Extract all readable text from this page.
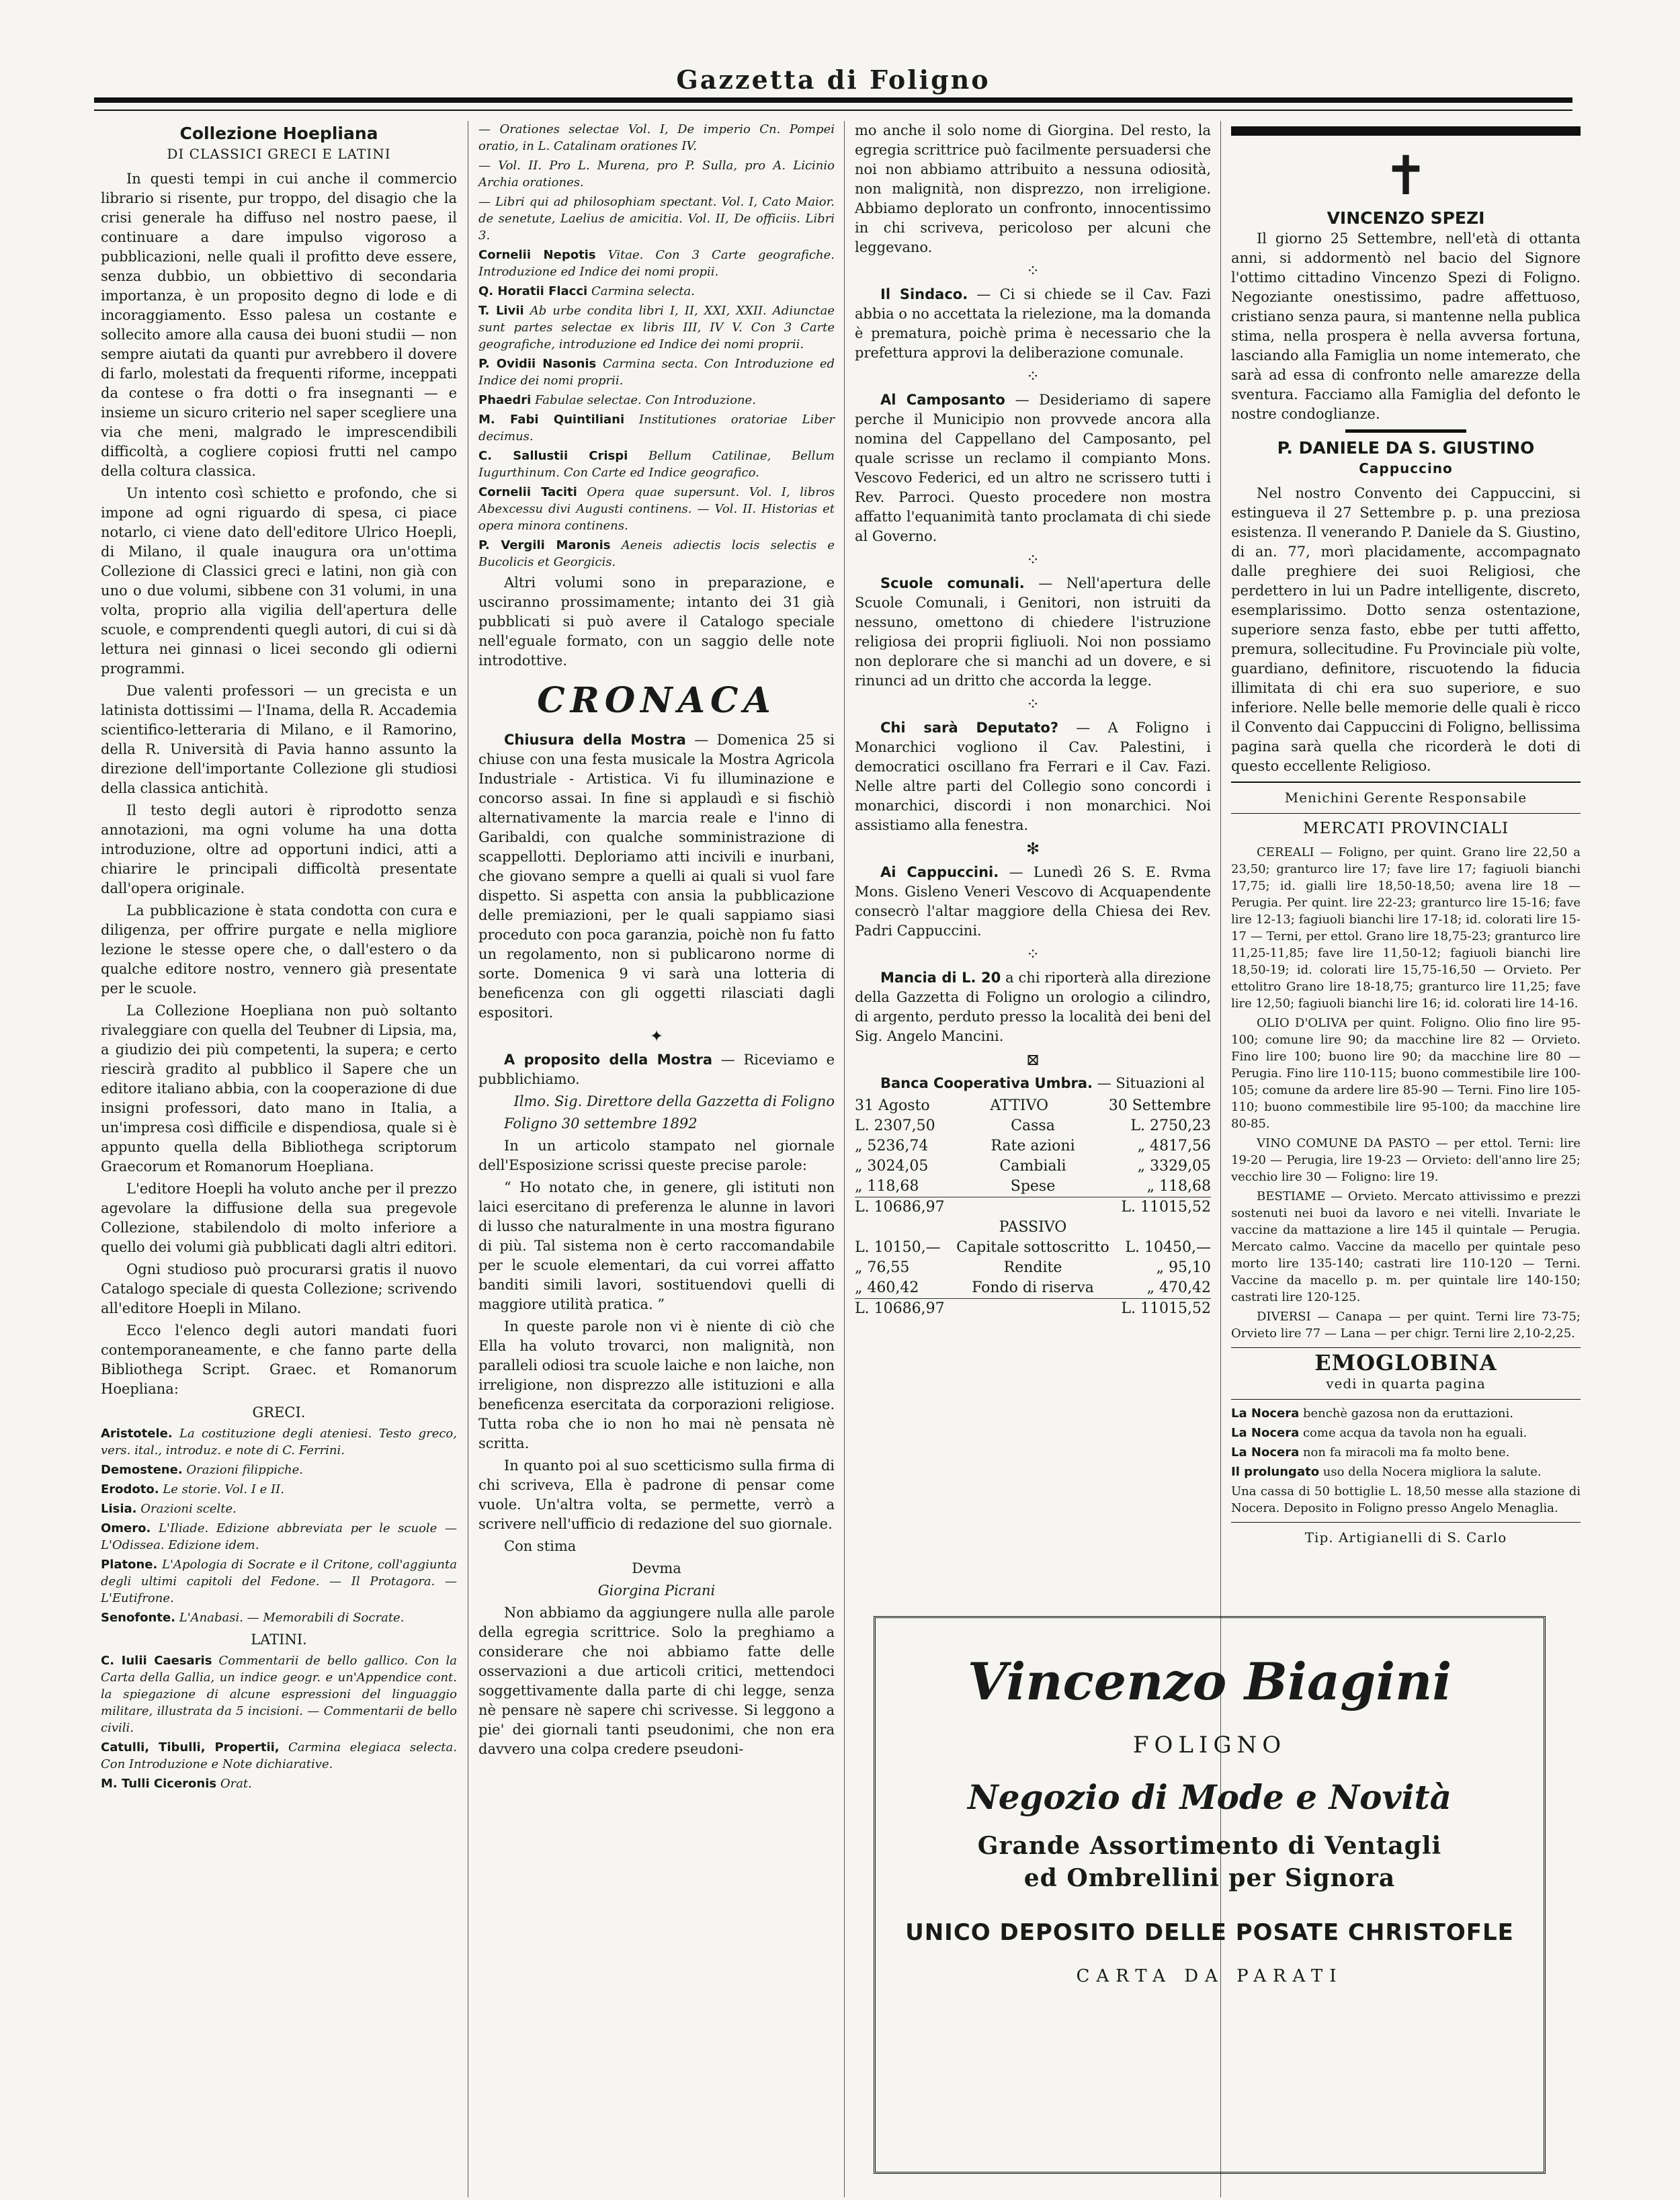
Gazzetta di Foligno
Collezione Hoepliana
DI CLASSICI GRECI E LATINI

In questi tempi in cui anche il commercio librario si risente, pur troppo, del disagio che la crisi generale ha diffuso nel nostro paese, il continuare a dare impulso vigoroso a pubblicazioni, nelle quali il profitto deve essere, senza dubbio, un obbiettivo di secondaria importanza, è un proposito degno di lode e di incoraggiamento. Esso palesa un costante e sollecito amore alla causa dei buoni studii — non sempre aiutati da quanti pur avrebbero il dovere di farlo, molestati da frequenti riforme, inceppati da contese o fra dotti o fra insegnanti — e insieme un sicuro criterio nel saper scegliere una via che meni, malgrado le imprescendibili difficoltà, a cogliere copiosi frutti nel campo della coltura classica.

Un intento così schietto e profondo, che si impone ad ogni riguardo di spesa, ci piace notarlo, ci viene dato dell'editore Ulrico Hoepli, di Milano, il quale inaugura ora un'ottima Collezione di Classici greci e latini, non già con uno o due volumi, sibbene con 31 volumi, in una volta, proprio alla vigilia dell'apertura delle scuole, e comprendenti quegli autori, di cui si dà lettura nei ginnasi o licei secondo gli odierni programmi.

Due valenti professori — un grecista e un latinista dottissimi — l'Inama, della R. Accademia scientifico-letteraria di Milano, e il Ramorino, della R. Università di Pavia hanno assunto la direzione dell'importante Collezione gli studiosi della classica antichità.

Il testo degli autori è riprodotto senza annotazioni, ma ogni volume ha una dotta introduzione, oltre ad opportuni indici, atti a chiarire le principali difficoltà presentate dall'opera originale.

La pubblicazione è stata condotta con cura e diligenza, per offrire purgate e nella migliore lezione le stesse opere che, o dall'estero o da qualche editore nostro, vennero già presentate per le scuole.

La Collezione Hoepliana non può soltanto rivaleggiare con quella del Teubner di Lipsia, ma, a giudizio dei più competenti, la supera; e certo riescirà gradito al pubblico il Sapere che un editore italiano abbia, con la cooperazione di due insigni professori, dato mano in Italia, a un'impresa così difficile e dispendiosa, quale si è appunto quella della Bibliothega scriptorum Graecorum et Romanorum Hoepliana.

L'editore Hoepli ha voluto anche per il prezzo agevolare la diffusione della sua pregevole Collezione, stabilendolo di molto inferiore a quello dei volumi già pubblicati dagli altri editori.

Ogni studioso può procurarsi gratis il nuovo Catalogo speciale di questa Collezione; scrivendo all'editore Hoepli in Milano.

Ecco l'elenco degli autori mandati fuori contemporaneamente, e che fanno parte della Bibliothega Script. Graec. et Romanorum Hoepliana:

GRECI.

Aristotele. La costituzione degli ateniesi. Testo greco, vers. ital., introduz. e note di C. Ferrini.

Demostene. Orazioni filippiche.

Erodoto. Le storie. Vol. I e II.

Lisia. Orazioni scelte.

Omero. L'Iliade. Edizione abbreviata per le scuole — L'Odissea. Edizione idem.

Platone. L'Apologia di Socrate e il Critone, coll'aggiunta degli ultimi capitoli del Fedone. — Il Protagora. — L'Eutifrone.

Senofonte. L'Anabasi. — Memorabili di Socrate.

LATINI.

C. Iulii Caesaris Commentarii de bello gallico. Con la Carta della Gallia, un indice geogr. e un'Appendice cont. la spiegazione di alcune espressioni del linguaggio militare, illustrata da 5 incisioni. — Commentarii de bello civili.

Catulli, Tibulli, Propertii, Carmina elegiaca selecta. Con Introduzione e Note dichiarative.

M. Tulli Ciceronis Orat.

— Orationes selectae Vol. I, De imperio Cn. Pompei oratio, in L. Catalinam orationes IV.

— Vol. II. Pro L. Murena, pro P. Sulla, pro A. Licinio Archia orationes.

— Libri qui ad philosophiam spectant. Vol. I, Cato Maior. de senetute, Laelius de amicitia. Vol. II, De officiis. Libri 3.

Cornelii Nepotis Vitae. Con 3 Carte geografiche. Introduzione ed Indice dei nomi propii.

Q. Horatii Flacci Carmina selecta.

T. Livii Ab urbe condita libri I, II, XXI, XXII. Adiunctae sunt partes selectae ex libris III, IV V. Con 3 Carte geografiche, introduzione ed Indice dei nomi proprii.

P. Ovidii Nasonis Carmina secta. Con Introduzione ed Indice dei nomi proprii.

Phaedri Fabulae selectae. Con Introduzione.

M. Fabi Quintiliani Institutiones oratoriae Liber decimus.

C. Sallustii Crispi Bellum Catilinae, Bellum Iugurthinum. Con Carte ed Indice geografico.

Cornelii Taciti Opera quae supersunt. Vol. I, libros Abexcessu divi Augusti continens. — Vol. II. Historias et opera minora continens.

P. Vergili Maronis Aeneis adiectis locis selectis e Bucolicis et Georgicis.

Altri volumi sono in preparazione, e usciranno prossimamente; intanto dei 31 già pubblicati si può avere il Catalogo speciale nell'eguale formato, con un saggio delle note introdottive.

CRONACA

Chiusura della Mostra — Domenica 25 si chiuse con una festa musicale la Mostra Agricola Industriale - Artistica. Vi fu illuminazione e concorso assai. In fine si applaudì e si fischiò alternativamente la marcia reale e l'inno di Garibaldi, con qualche somministrazione di scappellotti. Deploriamo atti incivili e inurbani, che giovano sempre a quelli ai quali si vuol fare dispetto. Si aspetta con ansia la pubblicazione delle premiazioni, per le quali sappiamo siasi proceduto con poca garanzia, poichè non fu fatto un regolamento, non si publicarono norme di sorte. Domenica 9 vi sarà una lotteria di beneficenza con gli oggetti rilasciati dagli espositori.

✦

A proposito della Mostra — Riceviamo e pubblichiamo.

Ilmo. Sig. Direttore della Gazzetta di Foligno

Foligno 30 settembre 1892

In un articolo stampato nel giornale dell'Esposizione scrissi queste precise parole:

“ Ho notato che, in genere, gli istituti non laici esercitano di preferenza le alunne in lavori di lusso che naturalmente in una mostra figurano di più. Tal sistema non è certo raccomandabile per le scuole elementari, da cui vorrei affatto banditi simili lavori, sostituendovi quelli di maggiore utilità pratica. ”

In queste parole non vi è niente di ciò che Ella ha voluto trovarci, non malignità, non paralleli odiosi tra scuole laiche e non laiche, non irreligione, non disprezzo alle istituzioni e alla beneficenza esercitata da corporazioni religiose. Tutta roba che io non ho mai nè pensata nè scritta.

In quanto poi al suo scetticismo sulla firma di chi scriveva, Ella è padrone di pensar come vuole. Un'altra volta, se permette, verrò a scrivere nell'ufficio di redazione del suo giornale.

Con stima

Devma

Giorgina Picrani

Non abbiamo da aggiungere nulla alle parole della egregia scrittrice. Solo la preghiamo a considerare che noi abbiamo fatte delle osservazioni a due articoli critici, mettendoci soggettivamente dalla parte di chi legge, senza nè pensare nè sapere chi scrivesse. Si leggono a pie' dei giornali tanti pseudonimi, che non era davvero una colpa credere pseudoni-

mo anche il solo nome di Giorgina. Del resto, la egregia scrittrice può facilmente persuadersi che noi non abbiamo attribuito a nessuna odiosità, non malignità, non disprezzo, non irreligione. Abbiamo deplorato un confronto, innocentissimo in chi scriveva, pericoloso per alcuni che leggevano.

⁘

Il Sindaco. — Ci si chiede se il Cav. Fazi abbia o no accettata la rielezione, ma la domanda è prematura, poichè prima è necessario che la prefettura approvi la deliberazione comunale.

⁘

Al Camposanto — Desideriamo di sapere perche il Municipio non provvede ancora alla nomina del Cappellano del Camposanto, pel quale scrisse un reclamo il compianto Mons. Vescovo Federici, ed un altro ne scrissero tutti i Rev. Parroci. Questo procedere non mostra affatto l'equanimità tanto proclamata di chi siede al Governo.

⁘

Scuole comunali. — Nell'apertura delle Scuole Comunali, i Genitori, non istruiti da nessuno, omettono di chiedere l'istruzione religiosa dei proprii figliuoli. Noi non possiamo non deplorare che si manchi ad un dovere, e si rinunci ad un dritto che accorda la legge.

⁘

Chi sarà Deputato? — A Foligno i Monarchici vogliono il Cav. Palestini, i democratici oscillano fra Ferrari e il Cav. Fazi. Nelle altre parti del Collegio sono concordi i monarchici, discordi i non monarchici. Noi assistiamo alla fenestra.

✻

Ai Cappuccini. — Lunedì 26 S. E. Rvma Mons. Gisleno Veneri Vescovo di Acquapendente consecrò l'altar maggiore della Chiesa dei Rev. Padri Cappuccini.

⁘

Mancia di L. 20 a chi riporterà alla direzione della Gazzetta di Foligno un orologio a cilindro, di argento, perduto presso la località dei beni del Sig. Angelo Mancini.

⊠

Banca Cooperativa Umbra. — Situazioni al

31 Agosto	ATTIVO	30 Settembre
L. 2307,50	Cassa	L. 2750,23
„ 5236,74	Rate azioni	„ 4817,56
„ 3024,05	Cambiali	„ 3329,05
„ 118,68	Spese	„ 118,68
L. 10686,97	L. 11015,52
PASSIVO
L. 10150,— Capitale sottoscritto L. 10450,—
„ 76,55	Rendite	„ 95,10
„ 460,42	Fondo di riserva	„ 470,42
L. 10686,97	L. 11015,52
✝
VINCENZO SPEZI

Il giorno 25 Settembre, nell'età di ottanta anni, si addormentò nel bacio del Signore l'ottimo cittadino Vincenzo Spezi di Foligno. Negoziante onestissimo, padre affettuoso, cristiano senza paura, si mantenne nella publica stima, nella prospera è nella avversa fortuna, lasciando alla Famiglia un nome intemerato, che sarà ad essa di confronto nelle amarezze della sventura. Facciamo alla Famiglia del defonto le nostre condoglianze.

P. DANIELE DA S. GIUSTINO
Cappuccino

Nel nostro Convento dei Cappuccini, si estingueva il 27 Settembre p. p. una preziosa esistenza. Il venerando P. Daniele da S. Giustino, di an. 77, morì placidamente, accompagnato dalle preghiere dei suoi Religiosi, che perdettero in lui un Padre intelligente, discreto, esemplarissimo. Dotto senza ostentazione, superiore senza fasto, ebbe per tutti affetto, premura, sollecitudine. Fu Provinciale più volte, guardiano, definitore, riscuotendo la fiducia illimitata di chi era suo superiore, e suo inferiore. Nelle belle memorie delle quali è ricco il Convento dai Cappuccini di Foligno, bellissima pagina sarà quella che ricorderà le doti di questo eccellente Religioso.

Menichini Gerente Responsabile
MERCATI PROVINCIALI

CEREALI — Foligno, per quint. Grano lire 22,50 a 23,50; granturco lire 17; fave lire 17; fagiuoli bianchi 17,75; id. gialli lire 18,50-18,50; avena lire 18 — Perugia. Per quint. lire 22-23; granturco lire 15-16; fave lire 12-13; fagiuoli bianchi lire 17-18; id. colorati lire 15-17 — Terni, per ettol. Grano lire 18,75-23; granturco lire 11,25-11,85; fave lire 11,50-12; fagiuoli bianchi lire 18,50-19; id. colorati lire 15,75-16,50 — Orvieto. Per ettolitro Grano lire 18-18,75; granturco lire 11,25; fave lire 12,50; fagiuoli bianchi lire 16; id. colorati lire 14-16.

OLIO D'OLIVA per quint. Foligno. Olio fino lire 95-100; comune lire 90; da macchine lire 82 — Orvieto. Fino lire 100; buono lire 90; da macchine lire 80 — Perugia. Fino lire 110-115; buono commestibile lire 100-105; comune da ardere lire 85-90 — Terni. Fino lire 105-110; buono commestibile lire 95-100; da macchine lire 80-85.

VINO COMUNE DA PASTO — per ettol. Terni: lire 19-20 — Perugia, lire 19-23 — Orvieto: dell'anno lire 25; vecchio lire 30 — Foligno: lire 19.

BESTIAME — Orvieto. Mercato attivissimo e prezzi sostenuti nei buoi da lavoro e nei vitelli. Invariate le vaccine da mattazione a lire 145 il quintale — Perugia. Mercato calmo. Vaccine da macello per quintale peso morto lire 135-140; castrati lire 110-120 — Terni. Vaccine da macello p. m. per quintale lire 140-150; castrati lire 120-125.

DIVERSI — Canapa — per quint. Terni lire 73-75; Orvieto lire 77 — Lana — per chigr. Terni lire 2,10-2,25.

EMOGLOBINA
vedi in quarta pagina

La Nocera benchè gazosa non da eruttazioni.

La Nocera come acqua da tavola non ha eguali.

La Nocera non fa miracoli ma fa molto bene.

Il prolungato uso della Nocera migliora la salute.

Una cassa di 50 bottiglie L. 18,50 messe alla stazione di Nocera. Deposito in Foligno presso Angelo Menaglia.

Tip. Artigianelli di S. Carlo
Vincenzo Biagini
FOLIGNO
Negozio di Mode e Novità
Grande Assortimento di Ventagli
ed Ombrellini per Signora
UNICO DEPOSITO DELLE POSATE CHRISTOFLE
CARTA DA PARATI
